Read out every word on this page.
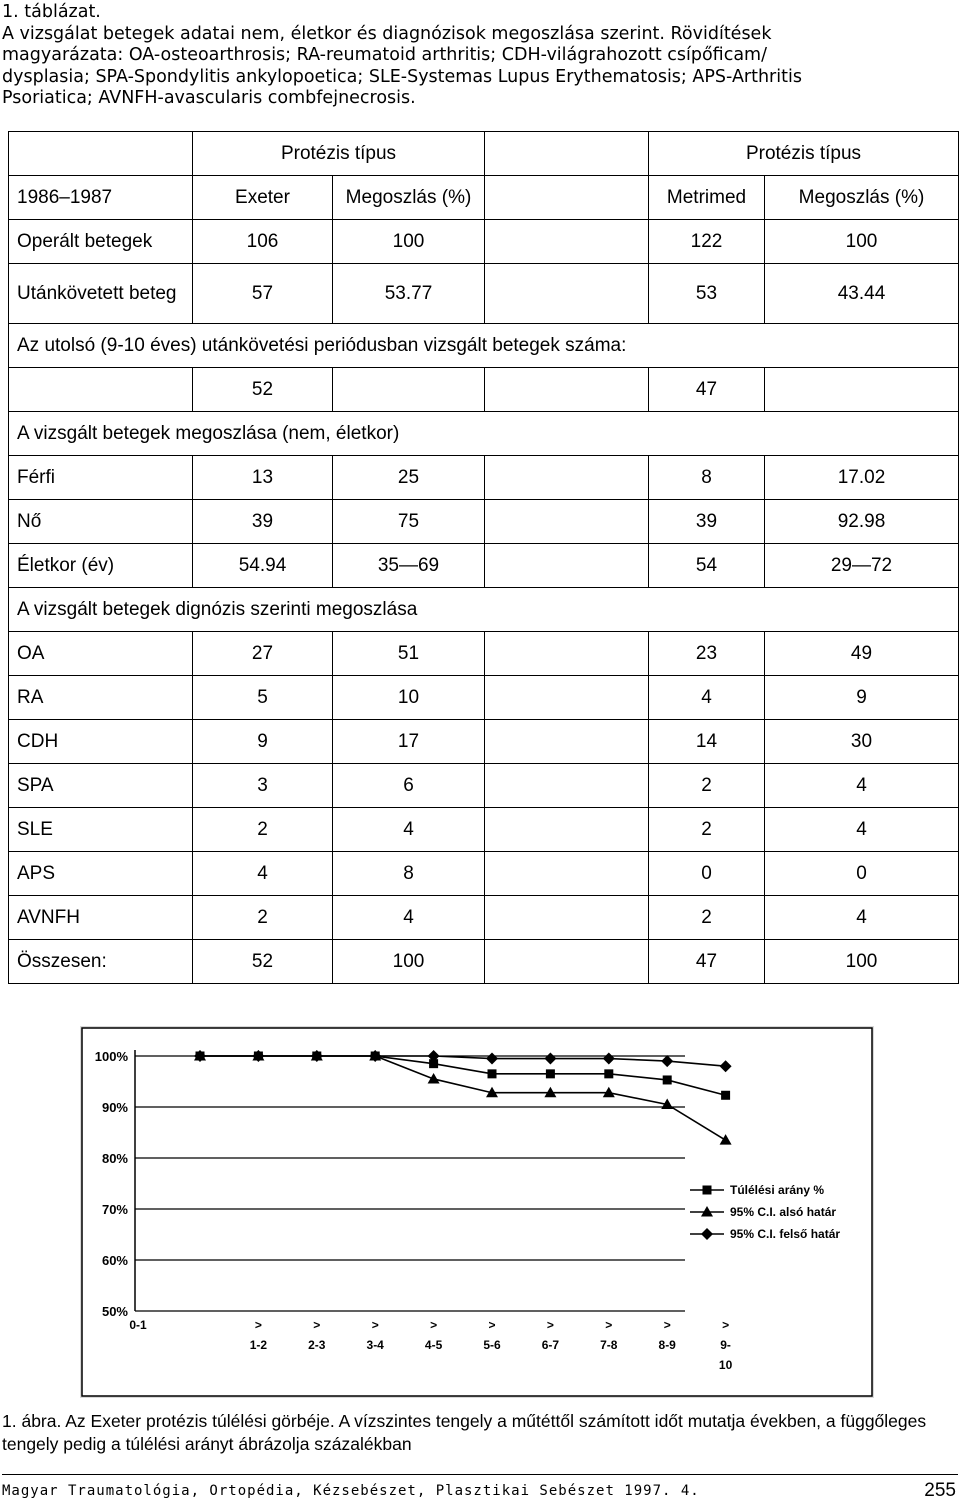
1. táblázat.
A vizsgálat betegek adatai nem, életkor és diagnózisok megoszlása szerint. Rövidítések
magyarázata: OA-osteoarthrosis; RA-reumatoid arthritis; CDH-világrahozott csípőficam/
dysplasia; SPA-Spondylitis ankylopoetica; SLE-Systemas Lupus Erythematosis; APS-Arthritis
Psoriatica; AVNFH-avascularis combfejnecrosis.
	Protézis típus			Protézis típus	
1986–1987	Exeter	Megoszlás (%)		Metrimed	Megoszlás (%)
Operált betegek	106	100		122	100
Utánkövetett beteg	57	53.77		53	43.44
Az utolsó (9-10 éves) utánkövetési periódusban vizsgált betegek száma:					
	52			47	
A vizsgált betegek megoszlása (nem, életkor)					
Férfi	13	25		8	17.02
Nő	39	75		39	92.98
Életkor (év)	54.94	35—69		54	29—72
A vizsgált betegek dignózis szerinti megoszlása					
OA	27	51		23	49
RA	5	10		4	9
CDH	9	17		14	30
SPA	3	6		2	4
SLE	2	4		2	4
APS	4	8		0	0
AVNFH	2	4		2	4
Összesen:	52	100		47	100
100%
90%
80%
70%
60%
50%
0-1	>
1-2
>
2-3
>
3-4
>
4-5
>
5-6
>
6-7
>
7-8
>
8-9
>
9-
10
Túlélési arány %
95% C.I. alsó határ
95% C.I. felső határ
1. ábra. Az Exeter protézis túlélési görbéje. A vízszintes tengely a műtéttől számított időt mutatja években, a függőleges tengely pedig a túlélési arányt ábrázolja százalékban
Magyar Traumatológia, Ortopédia, Kézsebészet, Plasztikai Sebészet 1997. 4.	255
